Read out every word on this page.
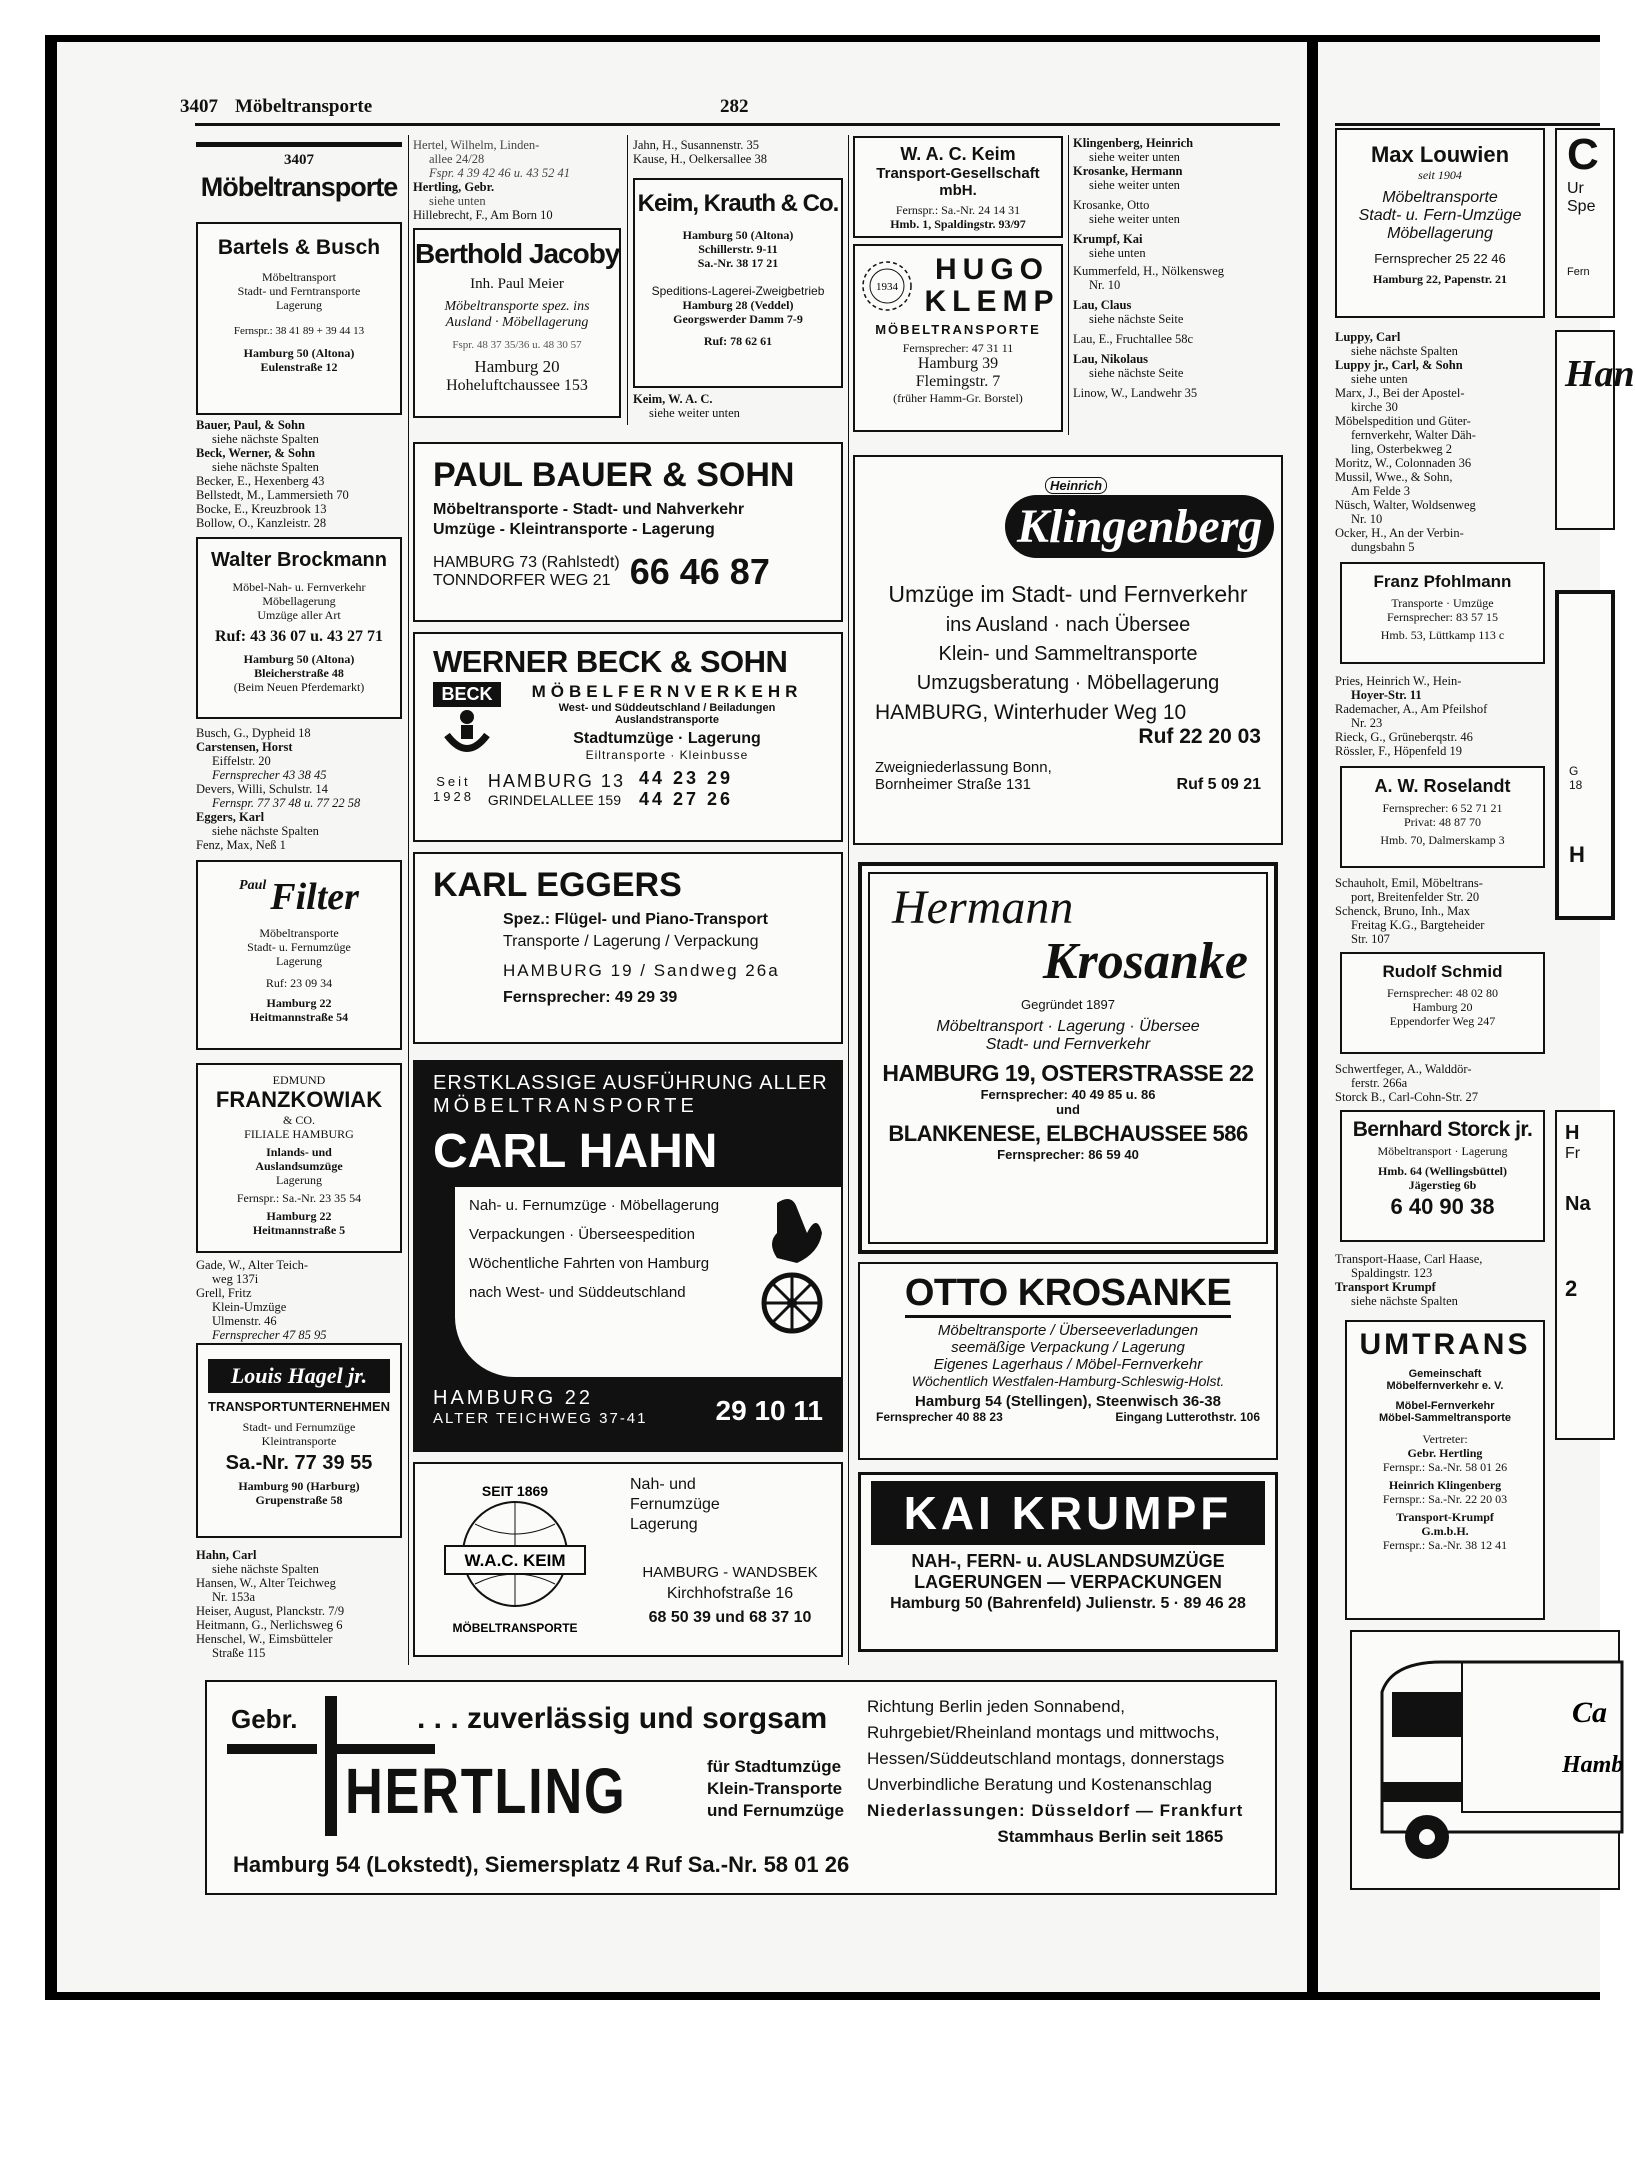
3407 Möbeltransporte	282
3407
Möbeltransporte
Bartels & Busch
Möbeltransport
Stadt- und Ferntransporte
Lagerung
Fernspr.: 38 41 89 + 39 44 13
Hamburg 50 (Altona)
Eulenstraße 12

Bauer, Paul, & Sohn

siehe nächste Spalten

Beck, Werner, & Sohn

siehe nächste Spalten

Becker, E., Hexenberg 43

Bellstedt, M., Lammersieth 70

Bocke, E., Kreuzbrook 13

Bollow, O., Kanzleistr. 28

Walter Brockmann
Möbel-Nah- u. Fernverkehr
Möbellagerung
Umzüge aller Art
Ruf: 43 36 07 u. 43 27 71
Hamburg 50 (Altona)
Bleicherstraße 48
(Beim Neuen Pferdemarkt)

Busch, G., Dypheid 18

Carstensen, Horst

Eiffelstr. 20

Fernsprecher 43 38 45

Devers, Willi, Schulstr. 14

Fernspr. 77 37 48 u. 77 22 58

Eggers, Karl

siehe nächste Spalten

Fenz, Max, Neß 1

Paul Filter
Möbeltransporte
Stadt- u. Fernumzüge
Lagerung
Ruf: 23 09 34
Hamburg 22
Heitmannstraße 54
EDMUND
FRANZKOWIAK
& CO.
FILIALE HAMBURG
Inlands- und
Auslandsumzüge
Lagerung
Fernspr.: Sa.-Nr. 23 35 54
Hamburg 22
Heitmannstraße 5

Gade, W., Alter Teich-

weg 137i

Grell, Fritz

Klein-Umzüge

Ulmenstr. 46

Fernsprecher 47 85 95

Louis Hagel jr.
TRANSPORTUNTERNEHMEN
Stadt- und Fernumzüge
Kleintransporte
Sa.-Nr. 77 39 55
Hamburg 90 (Harburg)
Grupenstraße 58

Hahn, Carl

siehe nächste Spalten

Hansen, W., Alter Teichweg

Nr. 153a

Heiser, August, Planckstr. 7/9

Heitmann, G., Nerlichsweg 6

Henschel, W., Eimsbütteler

Straße 115

Hertel, Wilhelm, Linden-

allee 24/28

Fspr. 4 39 42 46 u. 43 52 41

Hertling, Gebr.

siehe unten

Hillebrecht, F., Am Born 10

Berthold Jacoby
Inh. Paul Meier
Möbeltransporte spez. ins
Ausland · Möbellagerung
Fspr. 48 37 35/36 u. 48 30 57
Hamburg 20
Hoheluftchaussee 153

Jahn, H., Susannenstr. 35

Kause, H., Oelkersallee 38

Keim, Krauth & Co.
Hamburg 50 (Altona)
Schillerstr. 9-11
Sa.-Nr. 38 17 21
Speditions-Lagerei-Zweigbetrieb
Hamburg 28 (Veddel)
Georgswerder Damm 7-9
Ruf: 78 62 61

Keim, W. A. C.

siehe weiter unten

W. A. C. Keim
Transport-Gesellschaft
mbH.
Fernspr.: Sa.-Nr. 24 14 31
Hmb. 1, Spaldingstr. 93/97
1934
HUGO
KLEMP
MÖBELTRANSPORTE
Fernsprecher: 47 31 11
Hamburg 39
Flemingstr. 7
(früher Hamm-Gr. Borstel)

Klingenberg, Heinrich

siehe weiter unten

Krosanke, Hermann

siehe weiter unten

Krosanke, Otto

siehe weiter unten

Krumpf, Kai

siehe unten

Kummerfeld, H., Nölkensweg

Nr. 10

Lau, Claus

siehe nächste Seite

Lau, E., Fruchtallee 58c

Lau, Nikolaus

siehe nächste Seite

Linow, W., Landwehr 35

PAUL BAUER & SOHN
Möbeltransporte - Stadt- und Nahverkehr
Umzüge - Kleintransporte - Lagerung
HAMBURG 73 (Rahlstedt)
TONNDORFER WEG 21 66 46 87
WERNER BECK & SOHN
BECK	MÖBELFERNVERKEHR
West- und Süddeutschland / Beiladungen
Auslandstransporte
Stadtumzüge · Lagerung
Eiltransporte · Kleinbusse
Seit
1928
HAMBURG 13
GRINDELALLEE 159
44 23 29
44 27 26
KARL EGGERS
Spez.: Flügel- und Piano-Transport
Transporte / Lagerung / Verpackung
HAMBURG 19 / Sandweg 26a
Fernsprecher: 49 29 39
ERSTKLASSIGE AUSFÜHRUNG ALLER
MÖBELTRANSPORTE
CARL HAHN
Nah- u. Fernumzüge · Möbellagerung
Verpackungen · Überseespedition
Wöchentliche Fahrten von Hamburg
nach West- und Süddeutschland
HAMBURG 22
ALTER TEICHWEG 37-41 29 10 11
SEIT 1869
W.A.C. KEIM
MÖBELTRANSPORTE
Nah- und
Fernumzüge
Lagerung
HAMBURG - WANDSBEK
Kirchhofstraße 16
68 50 39 und 68 37 10
Heinrich
Klingenberg
Umzüge im Stadt- und Fernverkehr
ins Ausland · nach Übersee
Klein- und Sammeltransporte
Umzugsberatung · Möbellagerung
HAMBURG, Winterhuder Weg 10
Ruf 22 20 03
Zweigniederlassung Bonn,
Bornheimer Straße 131	Ruf 5 09 21
Hermann
Krosanke
Gegründet 1897
Möbeltransport · Lagerung · Übersee
Stadt- und Fernverkehr
HAMBURG 19, OSTERSTRASSE 22
Fernsprecher: 40 49 85 u. 86
und
BLANKENESE, ELBCHAUSSEE 586
Fernsprecher: 86 59 40
OTTO KROSANKE
Möbeltransporte / Überseeverladungen
seemäßige Verpackung / Lagerung
Eigenes Lagerhaus / Möbel-Fernverkehr
Wöchentlich Westfalen-Hamburg-Schleswig-Holst.
Hamburg 54 (Stellingen), Steenwisch 36-38
Fernsprecher 40 88 23	Eingang Lutterothstr. 106
KAI KRUMPF
NAH-, FERN- u. AUSLANDSUMZÜGE
LAGERUNGEN — VERPACKUNGEN
Hamburg 50 (Bahrenfeld) Julienstr. 5 · 89 46 28
Gebr.	. . . zuverlässig und sorgsam
HERTLING	für Stadtumzüge
Klein-Transporte
und Fernumzüge
Hamburg 54 (Lokstedt), Siemersplatz 4 Ruf Sa.-Nr. 58 01 26
Richtung Berlin jeden Sonnabend,
Ruhrgebiet/Rheinland montags und mittwochs,
Hessen/Süddeutschland montags, donnerstags
Unverbindliche Beratung und Kostenanschlag
Niederlassungen: Düsseldorf — Frankfurt
Stammhaus Berlin seit 1865
Max Louwien
seit 1904
Möbeltransporte
Stadt- u. Fern-Umzüge
Möbellagerung
Fernsprecher 25 22 46
Hamburg 22, Papenstr. 21

Luppy, Carl

siehe nächste Spalten

Luppy jr., Carl, & Sohn

siehe unten

Marx, J., Bei der Apostel-

kirche 30

Möbelspedition und Güter-

fernverkehr, Walter Däh-

ling, Osterbekweg 2

Moritz, W., Colonnaden 36

Mussil, Wwe., & Sohn,

Am Felde 3

Nüsch, Walter, Woldsenweg

Nr. 10

Ocker, H., An der Verbin-

dungsbahn 5

Franz Pfohlmann
Transporte · Umzüge
Fernsprecher: 83 57 15
Hmb. 53, Lüttkamp 113 c

Pries, Heinrich W., Hein-

Hoyer-Str. 11

Rademacher, A., Am Pfeilshof

Nr. 23

Rieck, G., Grüneberqstr. 46

Rössler, F., Höpenfeld 19

A. W. Roselandt
Fernsprecher: 6 52 71 21
Privat: 48 87 70
Hmb. 70, Dalmerskamp 3

Schauholt, Emil, Möbeltrans-

port, Breitenfelder Str. 20

Schenck, Bruno, Inh., Max

Freitag K.G., Bargteheider

Str. 107

Rudolf Schmid
Fernsprecher: 48 02 80
Hamburg 20
Eppendorfer Weg 247

Schwertfeger, A., Walddör-

ferstr. 266a

Storck B., Carl-Cohn-Str. 27

Bernhard Storck jr.
Möbeltransport · Lagerung
Hmb. 64 (Wellingsbüttel)
Jägerstieg 6b
6 40 90 38

Transport-Haase, Carl Haase,

Spaldingstr. 123

Transport Krumpf

siehe nächste Spalten

UMTRANS
Gemeinschaft
Möbelfernverkehr e. V.
Möbel-Fernverkehr
Möbel-Sammeltransporte
Vertreter:
Gebr. Hertling
Fernspr.: Sa.-Nr. 58 01 26
Heinrich Klingenberg
Fernspr.: Sa.-Nr. 22 20 03
Transport-Krumpf
G.m.b.H.
Fernspr.: Sa.-Nr. 38 12 41
C
Ur
Spe
Fern
Han
G
18
H
H
Fr
Na
2
Ca
Hamb
